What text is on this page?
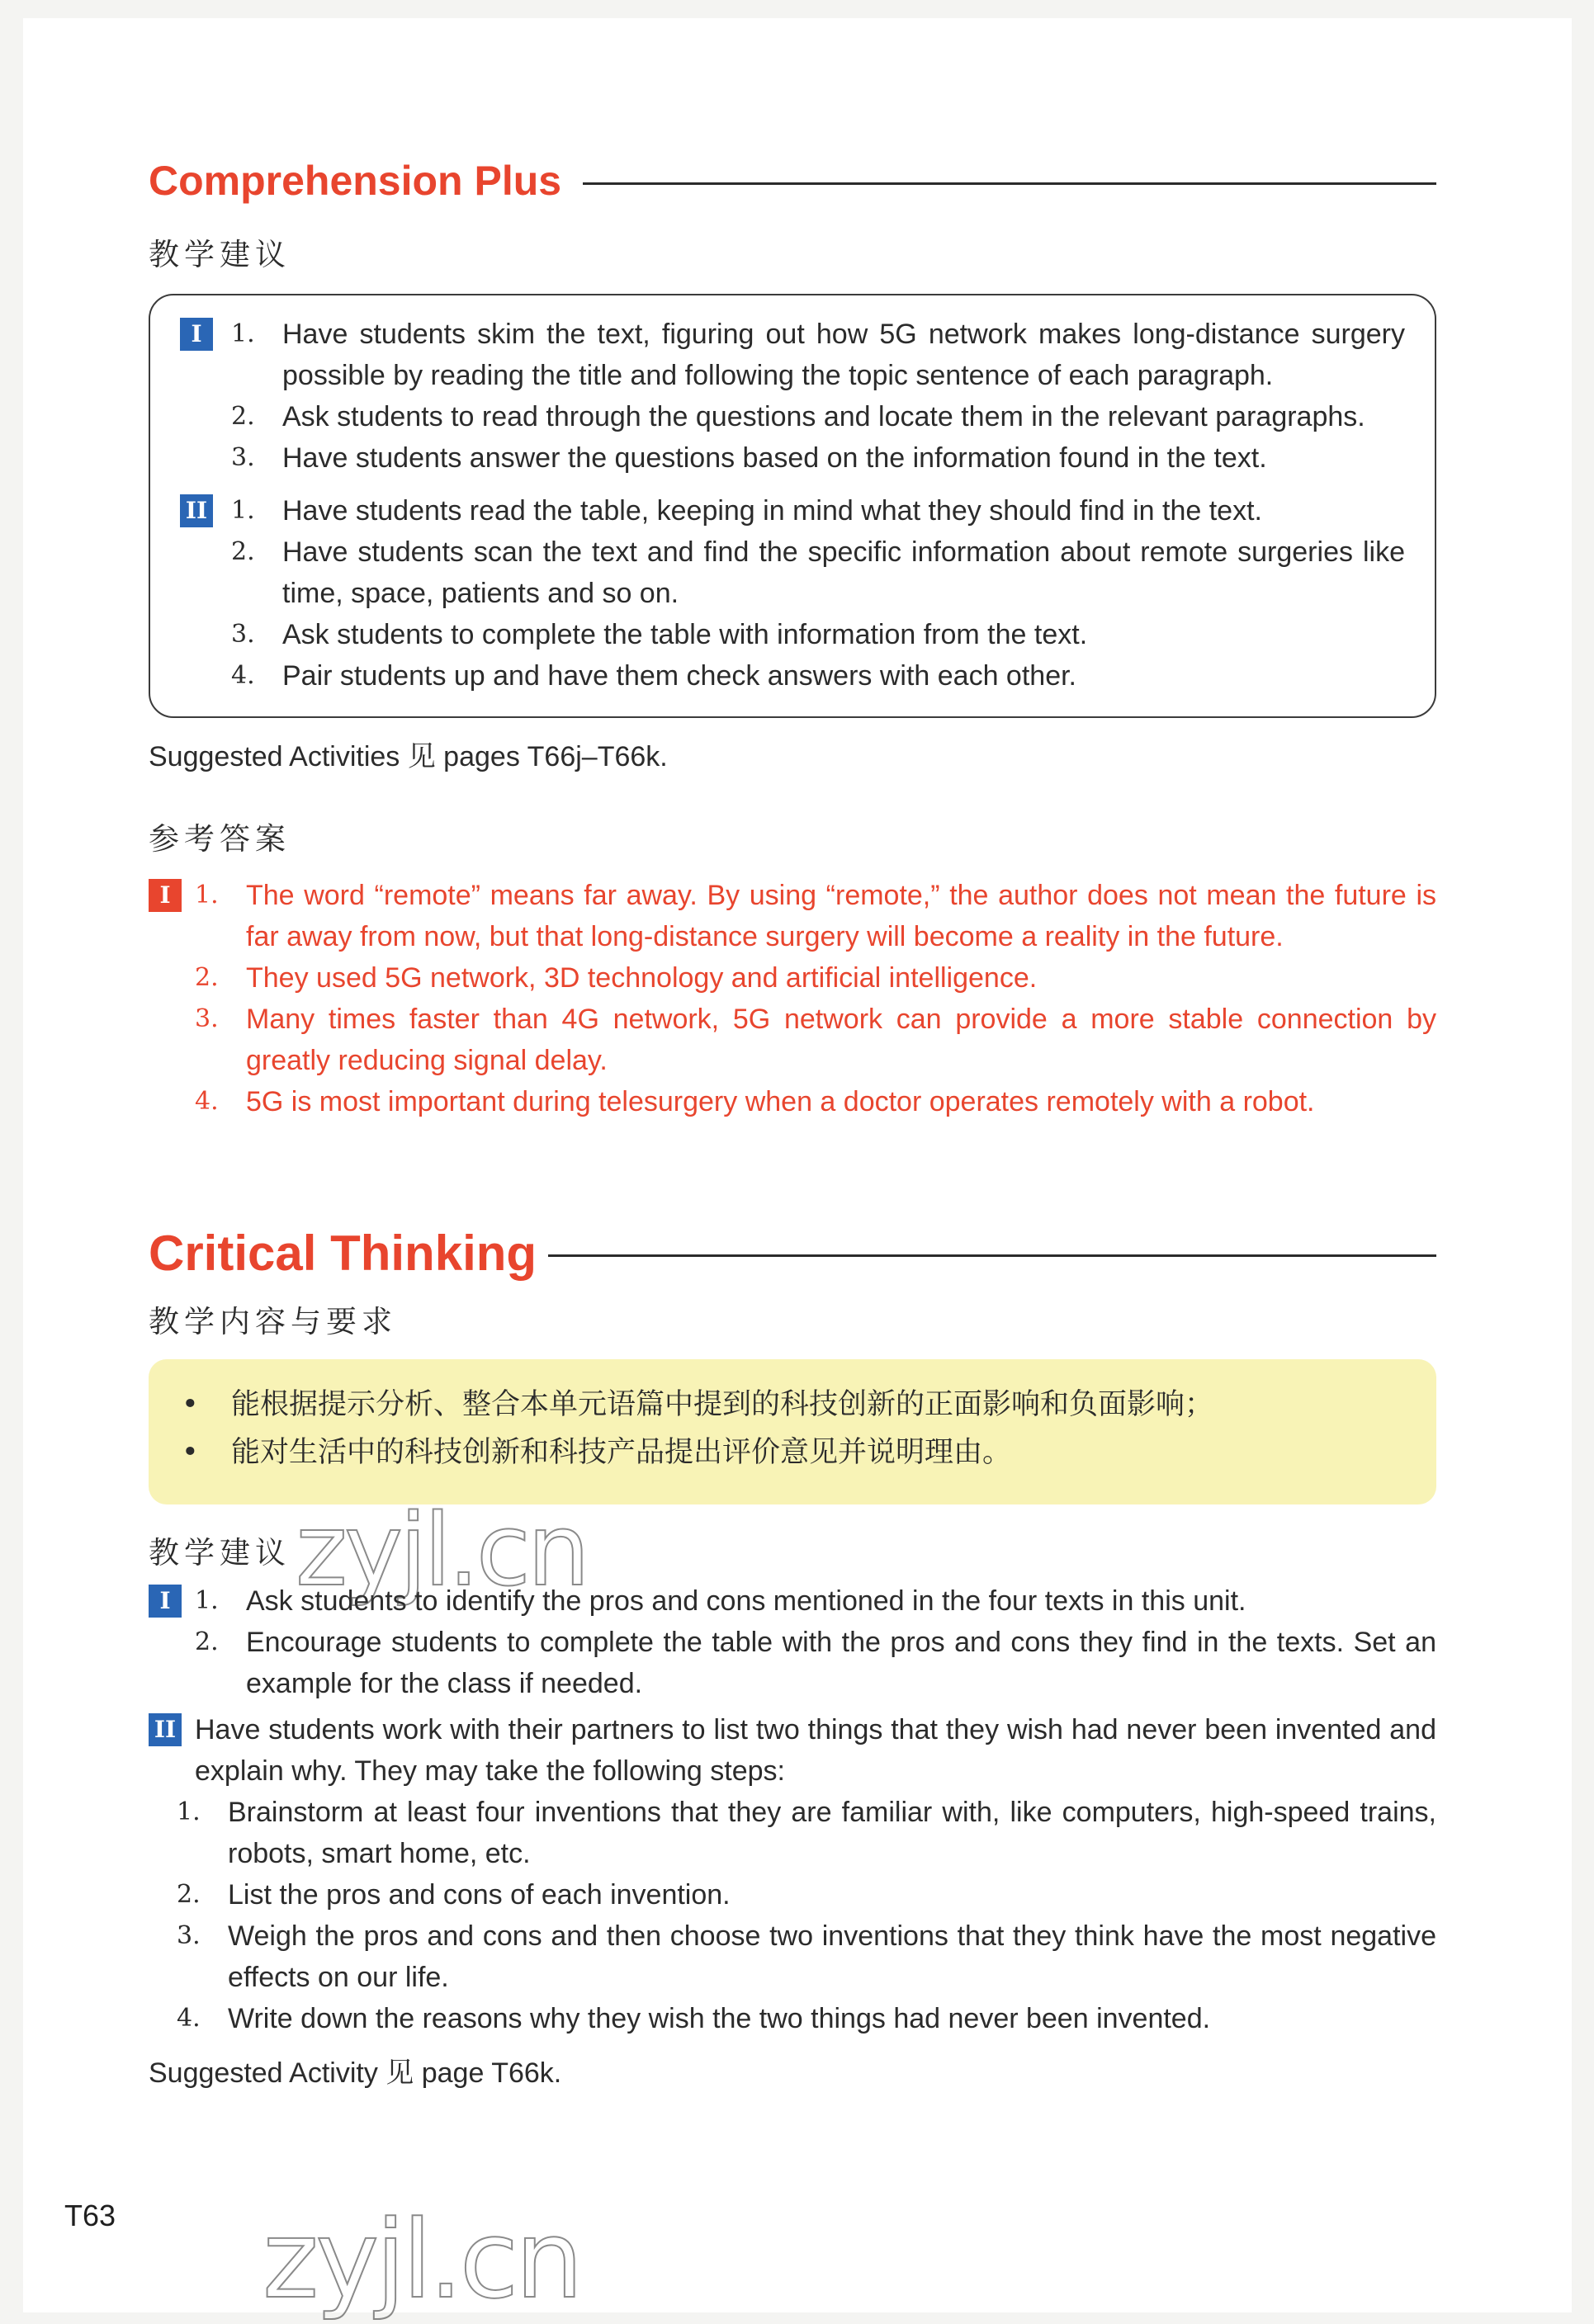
Comprehension Plus
教学建议
I	1. Have students skim the text, figuring out how 5G network makes long-distance surgery possible by reading the title and following the topic sentence of each paragraph.
2. Ask students to read through the questions and locate them in the relevant paragraphs.
3. Have students answer the questions based on the information found in the text.
II 1. Have students read the table, keeping in mind what they should find in the text.
2. Have students scan the text and find the specific information about remote surgeries like time, space, patients and so on.
3. Ask students to complete the table with information from the text.
4. Pair students up and have them check answers with each other.
Suggested Activities 见 pages T66j–T66k.
参考答案
I 1. The word “remote” means far away. By using “remote,” the author does not mean the future is far away from now, but that long-distance surgery will become a reality in the future.
2. They used 5G network, 3D technology and artificial intelligence.
3. Many times faster than 4G network, 5G network can provide a more stable connection by greatly reducing signal delay.
4. 5G is most important during telesurgery when a doctor operates remotely with a robot.
Critical Thinking
教学内容与要求
•	能根据提示分析、整合本单元语篇中提到的科技创新的正面影响和负面影响；
•	能对生活中的科技创新和科技产品提出评价意见并说明理由。
教学建议
I 1. Ask students to identify the pros and cons mentioned in the four texts in this unit.
2. Encourage students to complete the table with the pros and cons they find in the texts. Set an example for the class if needed.
II Have students work with their partners to list two things that they wish had never been invented and explain why. They may take the following steps:
1. Brainstorm at least four inventions that they are familiar with, like computers, high-speed trains, robots, smart home, etc.
2. List the pros and cons of each invention.
3. Weigh the pros and cons and then choose two inventions that they think have the most negative effects on our life.
4. Write down the reasons why they wish the two things had never been invented.
Suggested Activity 见 page T66k.
zyjl.cn
zyjl.cn
T63
